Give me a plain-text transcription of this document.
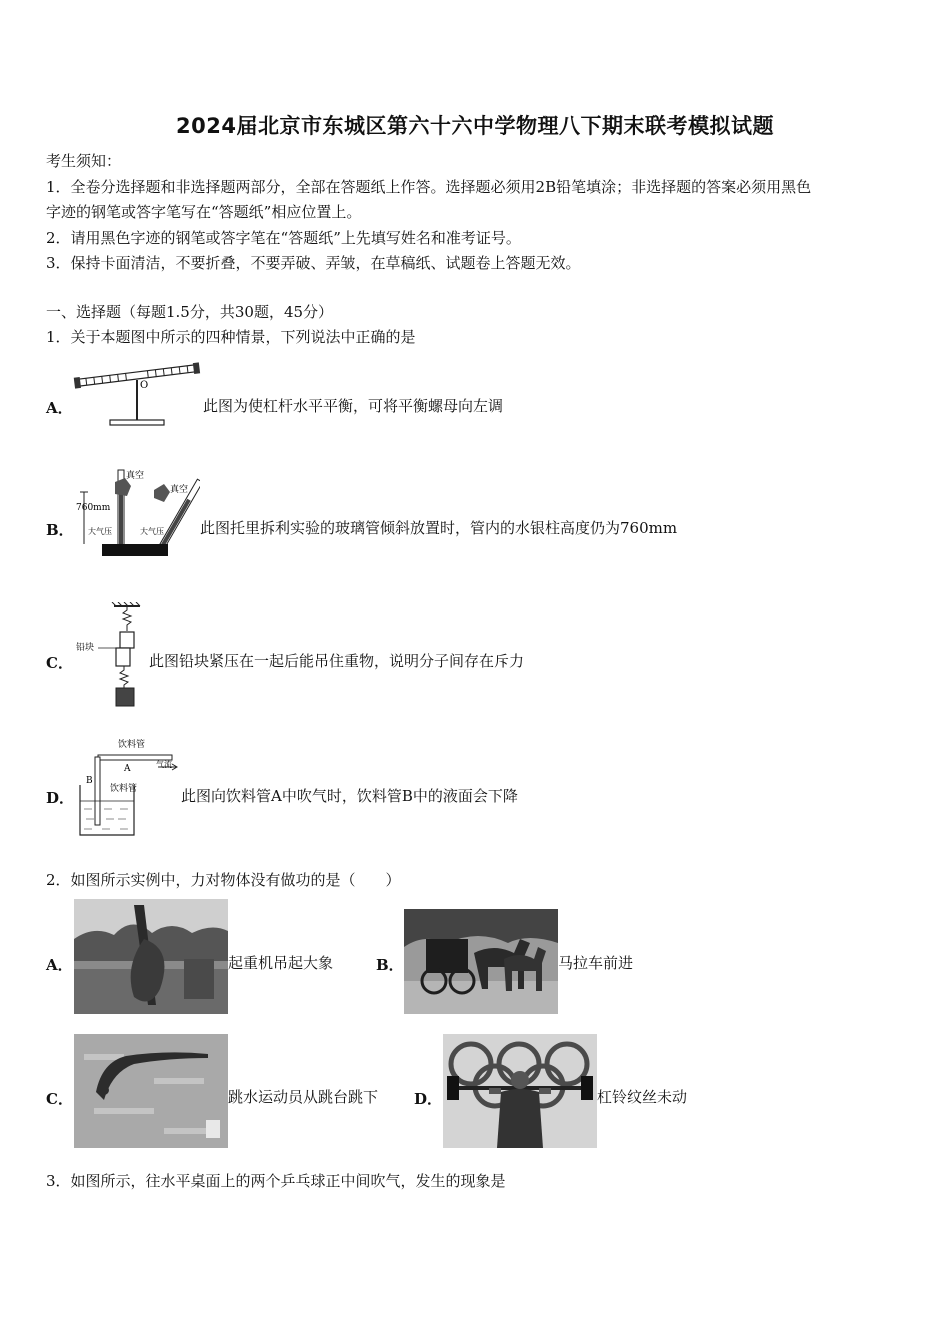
2024届北京市东城区第六十六中学物理八下期末联考模拟试题
考生须知：
1．全卷分选择题和非选择题两部分，全部在答题纸上作答。选择题必须用2B铅笔填涂；非选择题的答案必须用黑色
字迹的钢笔或答字笔写在“答题纸”相应位置上。
2．请用黑色字迹的钢笔或答字笔在“答题纸”上先填写姓名和准考证号。
3．保持卡面清洁，不要折叠，不要弄破、弄皱，在草稿纸、试题卷上答题无效。
一、选择题（每题1.5分，共30题，45分）
1．关于本题图中所示的四种情景，下列说法中正确的是
A．
O
此图为使杠杆水平平衡，可将平衡螺母向左调
B．
真空
真空
760mm
大气压	大气压 此图托里拆利实验的玻璃管倾斜放置时，管内的水银柱高度仍为760mm
C．
铅块
此图铅块紧压在一起后能吊住重物，说明分子间存在斥力
D．
饮料管
A	气流
B
饮料管	此图向饮料管A中吹气时，饮料管B中的液面会下降
2．如图所示实例中，力对物体没有做功的是（　　）
A．	起重机吊起大象	B．	马拉车前进
C．	跳水运动员从跳台跳下 D．	杠铃纹丝未动
3．如图所示，往水平桌面上的两个乒乓球正中间吹气，发生的现象是
